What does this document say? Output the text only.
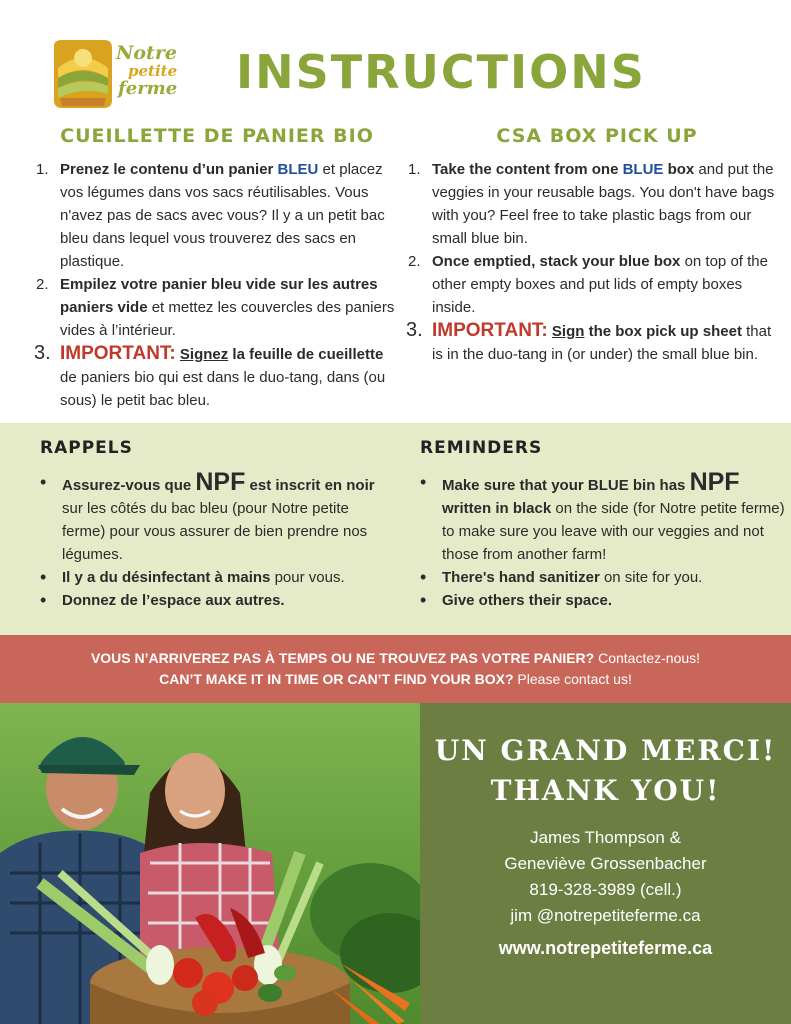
Notre
petite
ferme INSTRUCTIONS
CUEILLETTE DE PANIER BIO
1. Prenez le contenu d’un panier BLEU et placez vos légumes dans vos sacs réutilisables. Vous n'avez pas de sacs avec vous? Il y a un petit bac bleu dans lequel vous trouverez des sacs en plastique.
2. Empilez votre panier bleu vide sur les autres paniers vide et mettez les couvercles des paniers vides à l’intérieur.
3. IMPORTANT: Signez la feuille de cueillette de paniers bio qui est dans le duo-tang, dans (ou sous) le petit bac bleu.
CSA BOX PICK UP
1. Take the content from one BLUE box and put the veggies in your reusable bags. You don't have bags with you? Feel free to take plastic bags from our small blue bin.
2. Once emptied, stack your blue box on top of the other empty boxes and put lids of empty boxes inside.
3. IMPORTANT: Sign the box pick up sheet that is in the duo-tang in (or under) the small blue bin.
RAPPELS
• Assurez-vous que NPF est inscrit en noir sur les côtés du bac bleu (pour Notre petite ferme) pour vous assurer de bien prendre nos légumes.
• Il y a du désinfectant à mains pour vous.
• Donnez de l’espace aux autres.
REMINDERS
• Make sure that your BLUE bin has NPF written in black on the side (for Notre petite ferme) to make sure you leave with our veggies and not those from another farm!
• There's hand sanitizer on site for you.
• Give others their space.
VOUS N’ARRIVEREZ PAS À TEMPS OU NE TROUVEZ PAS VOTRE PANIER? Contactez-nous!
CAN’T MAKE IT IN TIME OR CAN’T FIND YOUR BOX? Please contact us!
UN GRAND MERCI!
THANK YOU!
James Thompson &
Geneviève Grossenbacher
819-328-3989 (cell.)
jim @notrepetiteferme.ca
www.notrepetiteferme.ca
